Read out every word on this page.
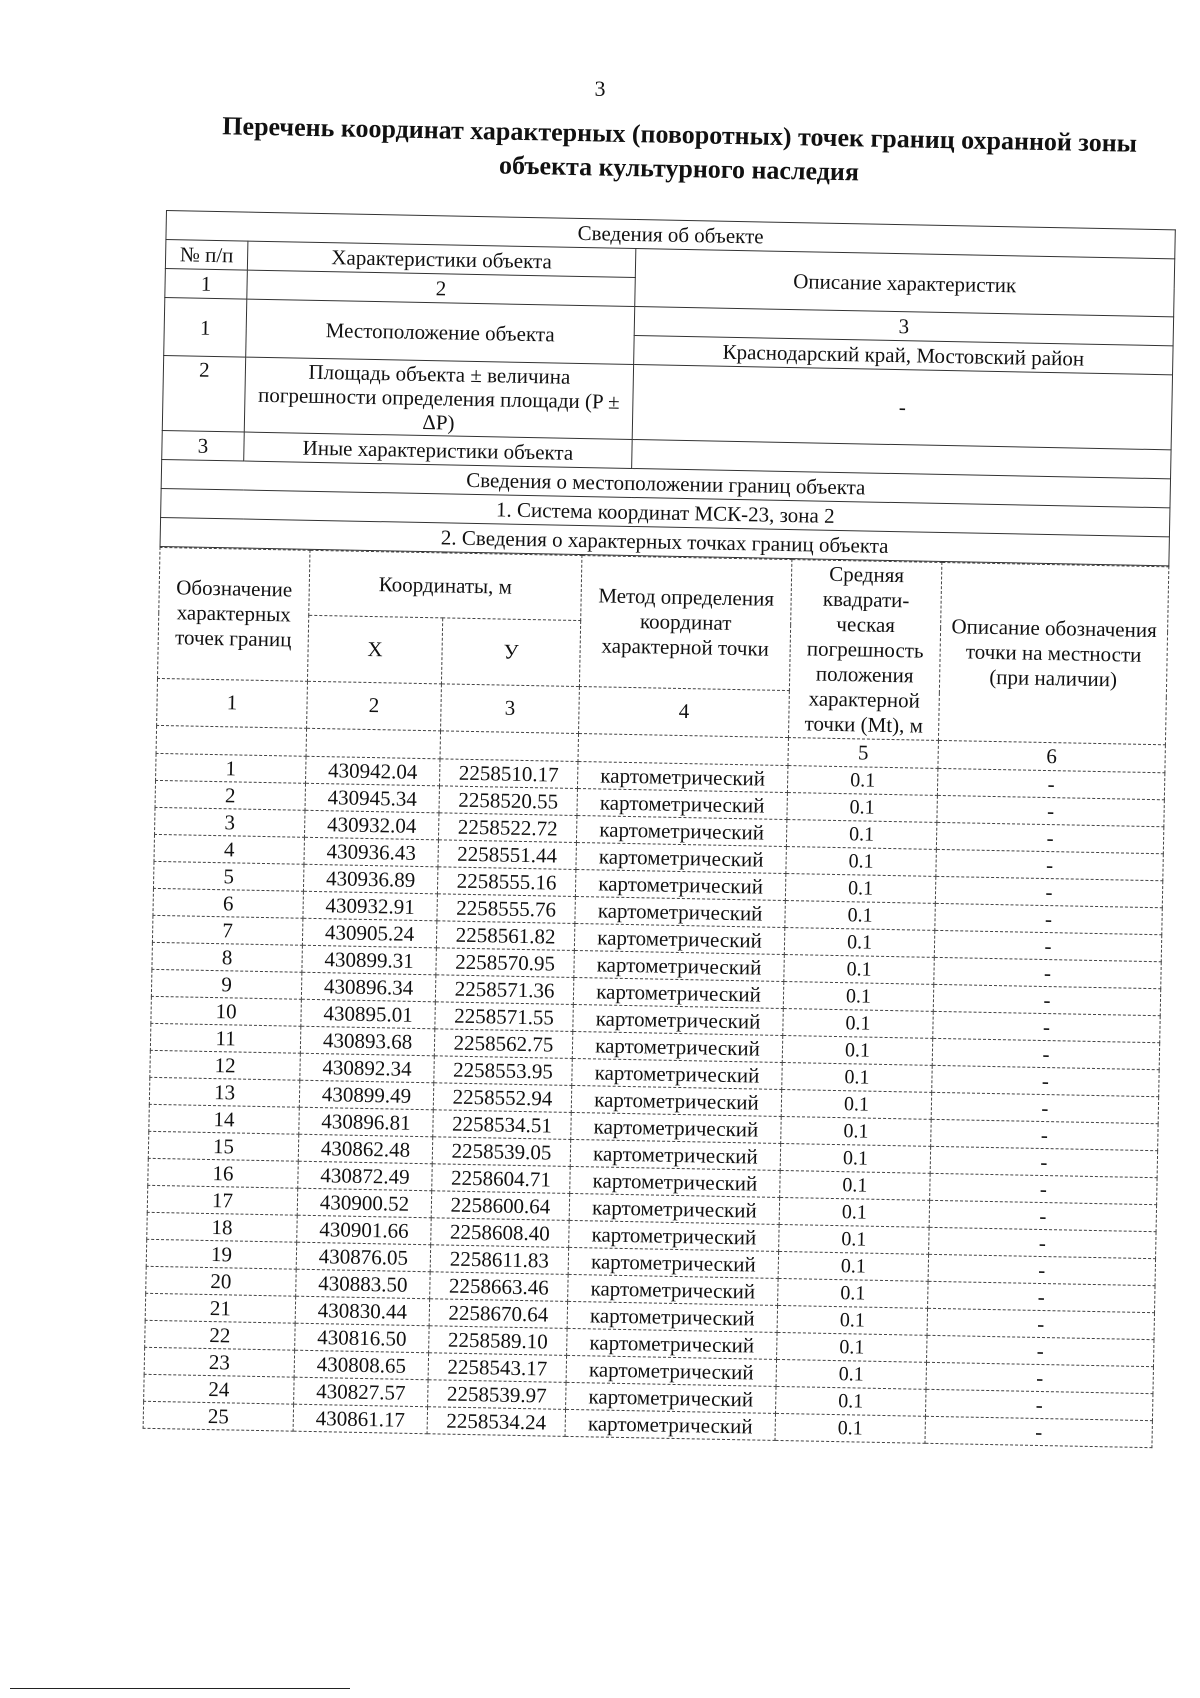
3
Перечень координат характерных (поворотных) точек границ охранной зоны объекта культурного наследия
Сведения об объекте		
№ п/п	Характеристики объекта	Описание характеристик
1	2	
1	Местоположение объекта	3
		Краснодарский край, Мостовский район
2	Площадь объекта ± величина погрешности определения площади (P ± ΔP)	-
3	Иные характеристики объекта	
Сведения о местоположении границ объекта		
1. Система координат МСК-23, зона 2		
2. Сведения о характерных точках границ объекта		
Обозначение характерных точек границ	Координаты, м		Метод определения координат характерной точки	Средняя квадрати-ческая погрешность положения характерной точки (Mt), м	Описание обозначения точки на местности (при наличии)
	X	У			
1	2	3	4		
				5	6
1	430942.04	2258510.17	картометрический	0.1	-
2	430945.34	2258520.55	картометрический	0.1	-
3	430932.04	2258522.72	картометрический	0.1	-
4	430936.43	2258551.44	картометрический	0.1	-
5	430936.89	2258555.16	картометрический	0.1	-
6	430932.91	2258555.76	картометрический	0.1	-
7	430905.24	2258561.82	картометрический	0.1	-
8	430899.31	2258570.95	картометрический	0.1	-
9	430896.34	2258571.36	картометрический	0.1	-
10	430895.01	2258571.55	картометрический	0.1	-
11	430893.68	2258562.75	картометрический	0.1	-
12	430892.34	2258553.95	картометрический	0.1	-
13	430899.49	2258552.94	картометрический	0.1	-
14	430896.81	2258534.51	картометрический	0.1	-
15	430862.48	2258539.05	картометрический	0.1	-
16	430872.49	2258604.71	картометрический	0.1	-
17	430900.52	2258600.64	картометрический	0.1	-
18	430901.66	2258608.40	картометрический	0.1	-
19	430876.05	2258611.83	картометрический	0.1	-
20	430883.50	2258663.46	картометрический	0.1	-
21	430830.44	2258670.64	картометрический	0.1	-
22	430816.50	2258589.10	картометрический	0.1	-
23	430808.65	2258543.17	картометрический	0.1	-
24	430827.57	2258539.97	картометрический	0.1	-
25	430861.17	2258534.24	картометрический	0.1	-
